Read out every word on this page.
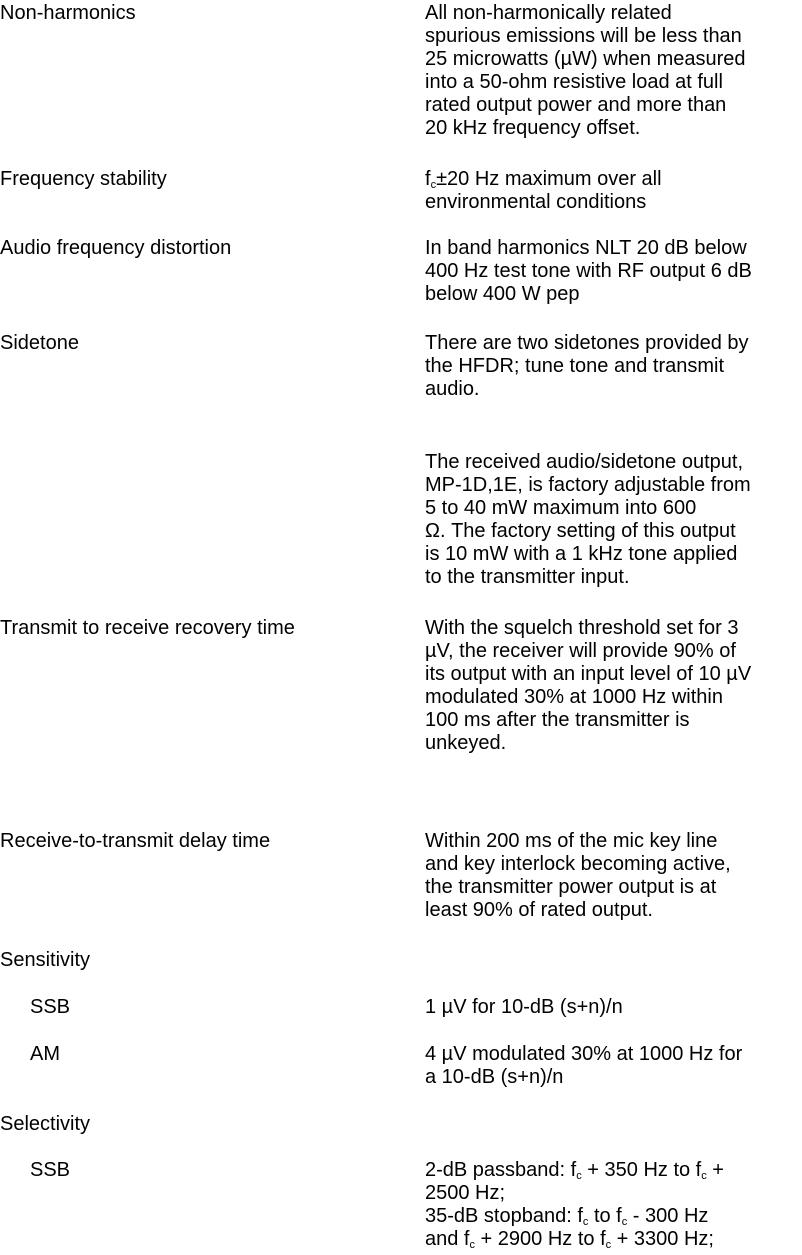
Non-harmonics	All non-harmonically related
spurious emissions will be less than
25 microwatts (µW) when measured
into a 50-ohm resistive load at full
rated output power and more than
20 kHz frequency offset.
Frequency stability	$f_c\pm 20$ Hz maximum over all
environmental conditions
Audio frequency distortion	In band harmonics NLT 20 dB below
400 Hz test tone with RF output 6 dB
below 400 W pep
Sidetone	There are two sidetones provided by
the HFDR; tune tone and transmit
audio.
The received audio/sidetone output,
MP-1D,1E, is factory adjustable from
5 to 40 mW maximum into 600
Ω. The factory setting of this output
is 10 mW with a 1 kHz tone applied
to the transmitter input.
Transmit to receive recovery time	With the squelch threshold set for 3
µV, the receiver will provide 90% of
its output with an input level of 10 µV
modulated 30% at 1000 Hz within
100 ms after the transmitter is
unkeyed.
Receive-to-transmit delay time	Within 200 ms of the mic key line
and key interlock becoming active,
the transmitter power output is at
least 90% of rated output.
Sensitivity
SSB	1 µV for 10-dB (s+n)/n
AM	4 µV modulated 30% at 1000 Hz for
a 10-dB (s+n)/n
Selectivity
SSB	2-dB passband: $f_c + 350$ Hz to $f_c$ +
2500 Hz;
35-dB stopband: $f_c$ to $f_c - 300$ Hz
and $f_c + 2900$ Hz to $f_c + 3300$ Hz;
